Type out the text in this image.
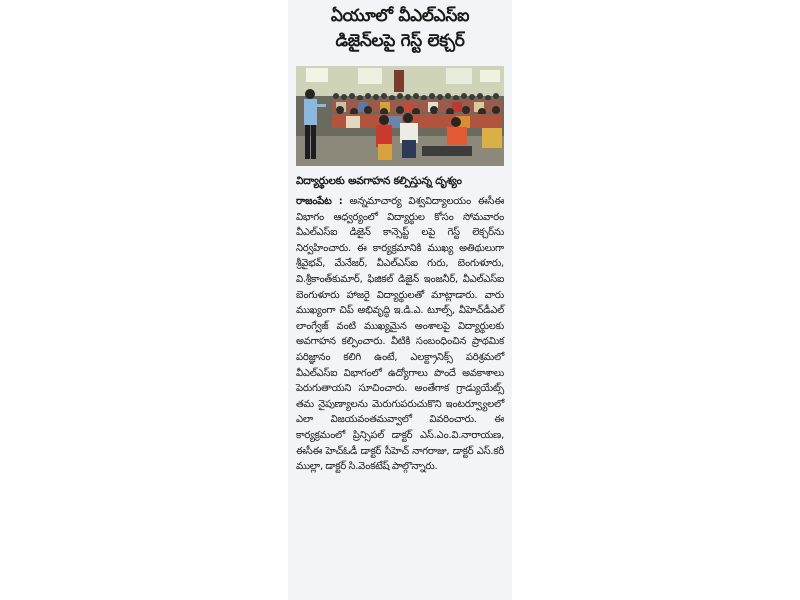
ఏయూలో వీఎల్ఎస్ఐ
డిజైన్‌లపై గెస్ట్ లెక్చర్
విద్యార్థులకు అవగాహన కల్పిస్తున్న దృశ్యం

రాజంపేట : అన్నమాచార్య విశ్వవిద్యాలయం ఈసీఈ విభాగం ఆధ్వర్యంలో విద్యార్థుల కోసం సోమవారం వీఎల్ఎస్ఐ డిజైన్ కాన్సెప్ట్ లపై గెస్ట్ లెక్చర్‌ను నిర్వహించారు. ఈ కార్యక్రమానికి ముఖ్య అతిథులుగా శ్రీవైభవ్, మేనేజర్, వీఎల్ఎస్ఐ గురు, బెంగుళూరు, వి.శ్రీకాంత్‌కుమార్, ఫిజికల్ డిజైన్ ఇంజనీర్, వీఎల్ఎస్ఐ బెంగుళూరు హాజరై విద్యార్థులతో మాట్లాడారు. వారు ముఖ్యంగా చిప్ అభివృద్ధి ఇ.డి.ఎ. టూల్స్, వీహెచ్‌డీఎల్ లాంగ్వేజ్ వంటి ముఖ్యమైన అంశాలపై విద్యార్థులకు అవగాహన కల్పించారు. వీటికి సంబంధించిన ప్రాథమిక పరిజ్ఞానం కలిగి ఉంటే, ఎలక్ట్రానిక్స్ పరిశ్రమలో వీఎల్ఎస్ఐ విభాగంలో ఉద్యోగాలు పొందే అవకాశాలు పెరుగుతాయని సూచించారు. అంతేగాక గ్రాడ్యుయేట్స్ తమ నైపుణ్యాలను మెరుగుపరుచుకొని ఇంటర్వ్యూలలో ఎలా విజయవంతమవ్వాలో వివరించారు. ఈ కార్యక్రమంలో ప్రిన్సిపల్ డాక్టర్ ఎస్.ఎం.వి.నారాయణ, ఈసీఈ హెచ్ఓడీ డాక్టర్ సీహెచ్ నాగరాజు, డాక్టర్ ఎస్.కరీ ముల్లా, డాక్టర్ సి.వెంకటేష్ పాల్గొన్నారు.
